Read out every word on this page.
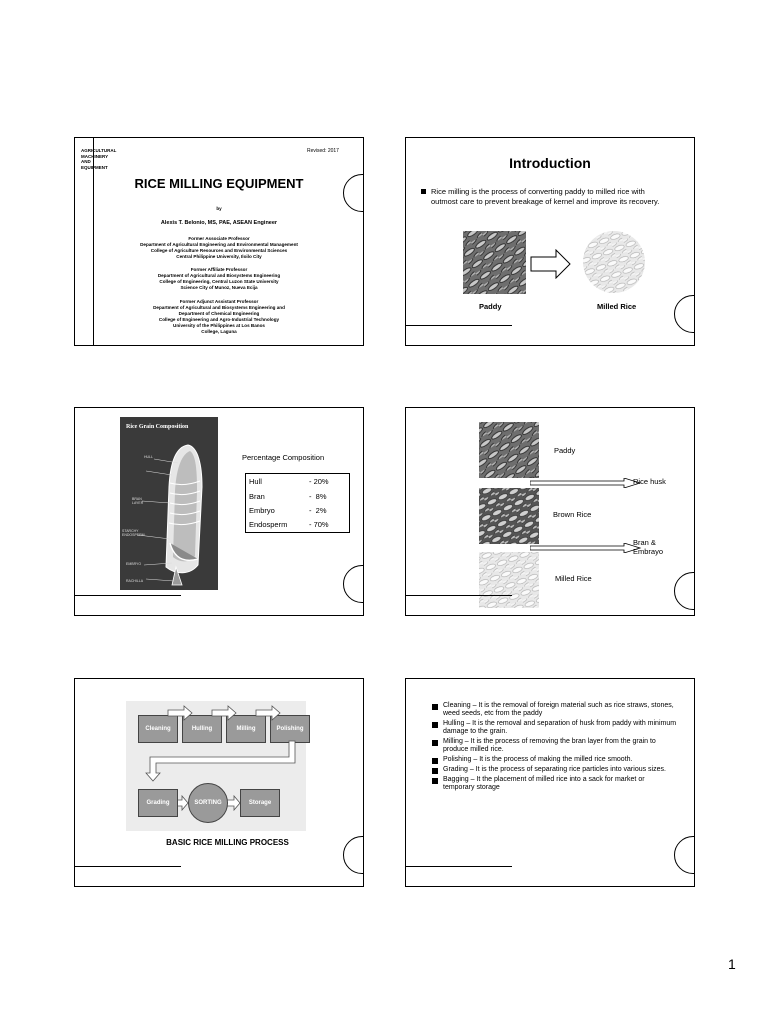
AGRICULTURAL
MACHINERY
AND
EQUIPMENT
Revised: 2017
RICE MILLING EQUIPMENT
by
Alexis T. Belonio, MS, PAE, ASEAN Engineer
Former Associate Professor
Department of Agricultural Engineering and Environmental Management
College of Agriculture Resources and Environmental Sciences
Central Philippine University, Iloilo City
Former Affiliate Professor
Department of Agricultural and Biosystems Engineering
College of Engineering, Central Luzon State University
Science City of Munoz, Nueva Ecija
Former Adjunct Assistant Professor
Department of Agricultural and Biosystems Engineering and
Department of Chemical Engineering
College of Engineering and Agro-Industrial Technology
University of the Philippines at Los Banos
College, Laguna
Introduction
Rice milling is the process of converting paddy to milled rice with outmost care to prevent breakage of kernel and improve its recovery.
Paddy	Milled Rice
Rice Grain Composition
HULL
BRAN LAYER
STARCHY ENDOSPERM
EMBRYO
RACHILLA
Percentage Composition
Hull	- 20%
Bran	-  8%
Embryo	-  2%
Endosperm	- 70%
Paddy
Rice husk
Brown Rice
Bran & Embrayo
Milled Rice
Cleaning	Hulling	Milling	Polishing
Grading	SORTING	Storage
BASIC RICE MILLING PROCESS
Cleaning – It is the removal of foreign material such as rice straws, stones, weed seeds, etc from the paddy
Hulling – It is the removal and separation of husk from paddy with minimum damage to the grain.
Milling – It is the process of removing the bran layer from the grain to produce milled rice.
Polishing – It is the process of making the milled rice smooth.
Grading – It is the process of separating rice particles into various sizes.
Bagging – It the placement of milled rice into a sack for market or temporary storage
1
